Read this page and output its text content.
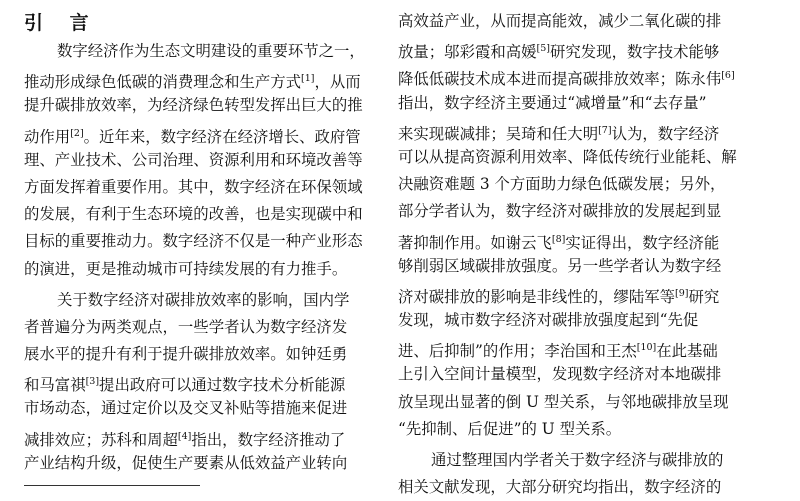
引 言
数字经济作为生态文明建设的重要环节之一，
推动形成绿色低碳的消费理念和生产方式[1]，从而
提升碳排放效率，为经济绿色转型发挥出巨大的推
动作用[2]。近年来，数字经济在经济增长、政府管
理、产业技术、公司治理、资源利用和环境改善等
方面发挥着重要作用。其中，数字经济在环保领域
的发展，有利于生态环境的改善，也是实现碳中和
目标的重要推动力。数字经济不仅是一种产业形态
的演进，更是推动城市可持续发展的有力推手。
关于数字经济对碳排放效率的影响，国内学
者普遍分为两类观点，一些学者认为数字经济发
展水平的提升有利于提升碳排放效率。如钟廷勇
和马富祺[3]提出政府可以通过数字技术分析能源
市场动态，通过定价以及交叉补贴等措施来促进
减排效应；苏科和周超[4]指出，数字经济推动了
产业结构升级，促使生产要素从低效益产业转向
高效益产业，从而提高能效，减少二氧化碳的排
放量；邬彩霞和高媛[5]研究发现，数字技术能够
降低低碳技术成本进而提高碳排放效率；陈永伟[6]
指出，数字经济主要通过“减增量”和“去存量”
来实现碳减排；吴琦和任大明[7]认为，数字经济
可以从提高资源利用效率、降低传统行业能耗、解
决融资难题 3 个方面助力绿色低碳发展；另外，
部分学者认为，数字经济对碳排放的发展起到显
著抑制作用。如谢云飞[8]实证得出，数字经济能
够削弱区域碳排放强度。另一些学者认为数字经
济对碳排放的影响是非线性的，缪陆军等[9]研究
发现，城市数字经济对碳排放强度起到“先促
进、后抑制”的作用；李治国和王杰[10]在此基础
上引入空间计量模型，发现数字经济对本地碳排
放呈现出显著的倒 U 型关系，与邻地碳排放呈现
“先抑制、后促进”的 U 型关系。
通过整理国内学者关于数字经济与碳排放的
相关文献发现，大部分研究均指出，数字经济的
